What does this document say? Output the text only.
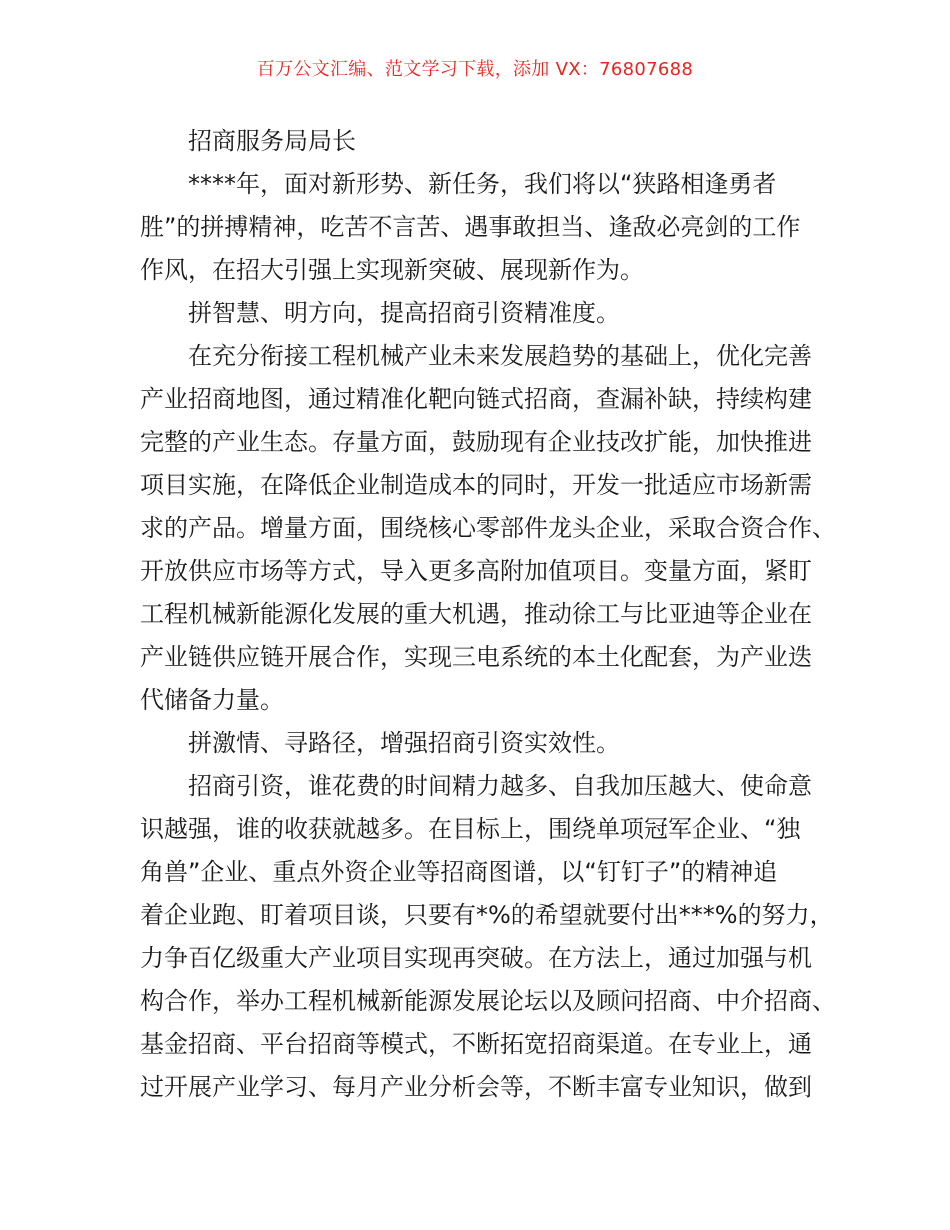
百万公文汇编、范文学习下载，添加 VX：76807688
招商服务局局长
****年，面对新形势、新任务，我们将以“狭路相逢勇者
胜”的拼搏精神，吃苦不言苦、遇事敢担当、逢敌必亮剑的工作
作风，在招大引强上实现新突破、展现新作为。
拼智慧、明方向，提高招商引资精准度。
在充分衔接工程机械产业未来发展趋势的基础上，优化完善
产业招商地图，通过精准化靶向链式招商，查漏补缺，持续构建
完整的产业生态。存量方面，鼓励现有企业技改扩能，加快推进
项目实施，在降低企业制造成本的同时，开发一批适应市场新需
求的产品。增量方面，围绕核心零部件龙头企业，采取合资合作、
开放供应市场等方式，导入更多高附加值项目。变量方面，紧盯
工程机械新能源化发展的重大机遇，推动徐工与比亚迪等企业在
产业链供应链开展合作，实现三电系统的本土化配套，为产业迭
代储备力量。
拼激情、寻路径，增强招商引资实效性。
招商引资，谁花费的时间精力越多、自我加压越大、使命意
识越强，谁的收获就越多。在目标上，围绕单项冠军企业、“独
角兽”企业、重点外资企业等招商图谱，以“钉钉子”的精神追
着企业跑、盯着项目谈，只要有*%的希望就要付出***%的努力，
力争百亿级重大产业项目实现再突破。在方法上，通过加强与机
构合作，举办工程机械新能源发展论坛以及顾问招商、中介招商、
基金招商、平台招商等模式，不断拓宽招商渠道。在专业上，通
过开展产业学习、每月产业分析会等，不断丰富专业知识，做到
